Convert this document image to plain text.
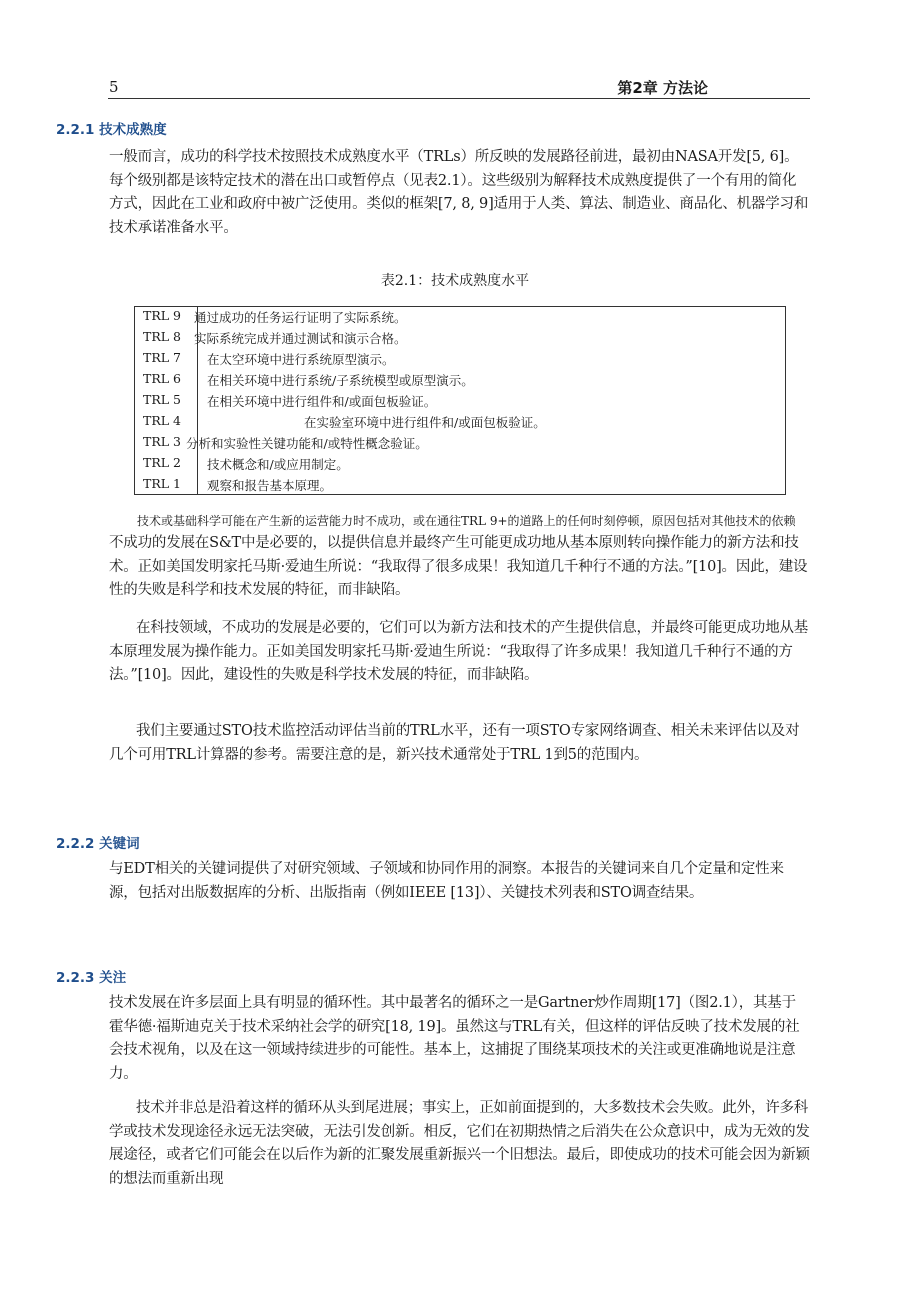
5	第2章 方法论
2.2.1 技术成熟度
一般而言，成功的科学技术按照技术成熟度水平（TRLs）所反映的发展路径前进，最初由NASA开发[5, 6]。每个级别都是该特定技术的潜在出口或暂停点（见表2.1）。这些级别为解释技术成熟度提供了一个有用的简化方式，因此在工业和政府中被广泛使用。类似的框架[7, 8, 9]适用于人类、算法、制造业、商品化、机器学习和技术承诺准备水平。
表2.1：技术成熟度水平
TRL 9 通过成功的任务运行证明了实际系统。
TRL 8 实际系统完成并通过测试和演示合格。
TRL 7 在太空环境中进行系统原型演示。
TRL 6 在相关环境中进行系统/子系统模型或原型演示。
TRL 5 在相关环境中进行组件和/或面包板验证。
TRL 4	在实验室环境中进行组件和/或面包板验证。
TRL 3 分析和实验性关键功能和/或特性概念验证。
TRL 2 技术概念和/或应用制定。
TRL 1 观察和报告基本原理。
技术或基础科学可能在产生新的运营能力时不成功，或在通往TRL 9+的道路上的任何时刻停顿，原因包括对其他技术的依赖
不成功的发展在S&T中是必要的，以提供信息并最终产生可能更成功地从基本原则转向操作能力的新方法和技术。正如美国发明家托马斯·爱迪生所说：“我取得了很多成果！我知道几千种行不通的方法。”[10]。因此，建设性的失败是科学和技术发展的特征，而非缺陷。
在科技领域，不成功的发展是必要的，它们可以为新方法和技术的产生提供信息，并最终可能更成功地从基本原理发展为操作能力。正如美国发明家托马斯·爱迪生所说：“我取得了许多成果！我知道几千种行不通的方法。”[10]。因此，建设性的失败是科学技术发展的特征，而非缺陷。
我们主要通过STO技术监控活动评估当前的TRL水平，还有一项STO专家网络调查、相关未来评估以及对几个可用TRL计算器的参考。需要注意的是，新兴技术通常处于TRL 1到5的范围内。
2.2.2 关键词
与EDT相关的关键词提供了对研究领域、子领域和协同作用的洞察。本报告的关键词来自几个定量和定性来源，包括对出版数据库的分析、出版指南（例如IEEE [13]）、关键技术列表和STO调查结果。
2.2.3 关注
技术发展在许多层面上具有明显的循环性。其中最著名的循环之一是Gartner炒作周期[17]（图2.1），其基于霍华德·福斯迪克关于技术采纳社会学的研究[18, 19]。虽然这与TRL有关，但这样的评估反映了技术发展的社会技术视角，以及在这一领域持续进步的可能性。基本上，这捕捉了围绕某项技术的关注或更准确地说是注意力。
技术并非总是沿着这样的循环从头到尾进展；事实上，正如前面提到的，大多数技术会失败。此外，许多科学或技术发现途径永远无法突破，无法引发创新。相反，它们在初期热情之后消失在公众意识中，成为无效的发展途径，或者它们可能会在以后作为新的汇聚发展重新振兴一个旧想法。最后，即使成功的技术可能会因为新颖的想法而重新出现
